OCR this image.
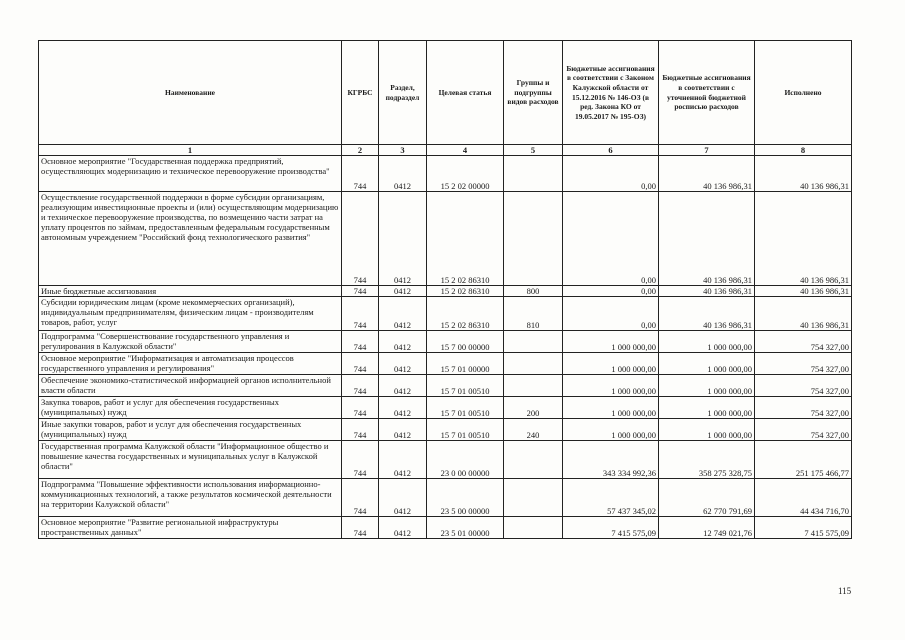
Наименование	КГРБС	Раздел, подраздел	Целевая статья	Группы и подгруппы видов расходов	Бюджетные ассигнования в соответствии с Законом Калужской области от 15.12.2016 № 146-ОЗ (в ред. Закона КО от 19.05.2017 № 195-ОЗ)	Бюджетные ассигнования в соответствии с уточненной бюджетной росписью расходов	Исполнено
1	2	3	4	5	6	7	8
Основное мероприятие "Государственная поддержка предприятий, осуществляющих модернизацию и техническое перевооружение производства"	744	0412	15 2 02 00000		0,00	40 136 986,31	40 136 986,31
Осуществление государственной поддержки в форме субсидии организациям, реализующим инвестиционные проекты и (или) осуществляющим модернизацию и техническое перевооружение производства, по возмещению части затрат на уплату процентов по займам, предоставленным федеральным государственным автономным учреждением "Российский фонд технологического развития"	744	0412	15 2 02 86310		0,00	40 136 986,31	40 136 986,31
Иные бюджетные ассигнования	744	0412	15 2 02 86310	800	0,00	40 136 986,31	40 136 986,31
Субсидии юридическим лицам (кроме некоммерческих организаций), индивидуальным предпринимателям, физическим лицам - производителям товаров, работ, услуг	744	0412	15 2 02 86310	810	0,00	40 136 986,31	40 136 986,31
Подпрограмма "Совершенствование государственного управления и регулирования в Калужской области"	744	0412	15 7 00 00000		1 000 000,00	1 000 000,00	754 327,00
Основное мероприятие "Информатизация и автоматизация процессов государственного управления и регулирования"	744	0412	15 7 01 00000		1 000 000,00	1 000 000,00	754 327,00
Обеспечение экономико-статистической информацией органов исполнительной власти области	744	0412	15 7 01 00510		1 000 000,00	1 000 000,00	754 327,00
Закупка товаров, работ и услуг для обеспечения государственных (муниципальных) нужд	744	0412	15 7 01 00510	200	1 000 000,00	1 000 000,00	754 327,00
Иные закупки товаров, работ и услуг для обеспечения государственных (муниципальных) нужд	744	0412	15 7 01 00510	240	1 000 000,00	1 000 000,00	754 327,00
Государственная программа Калужской области "Информационное общество и повышение качества государственных и муниципальных услуг в Калужской области"	744	0412	23 0 00 00000		343 334 992,36	358 275 328,75	251 175 466,77
Подпрограмма "Повышение эффективности использования информационно-коммуникационных технологий, а также результатов космической деятельности на территории Калужской области"	744	0412	23 5 00 00000		57 437 345,02	62 770 791,69	44 434 716,70
Основное мероприятие "Развитие региональной инфраструктуры пространственных данных"	744	0412	23 5 01 00000		7 415 575,09	12 749 021,76	7 415 575,09
115
